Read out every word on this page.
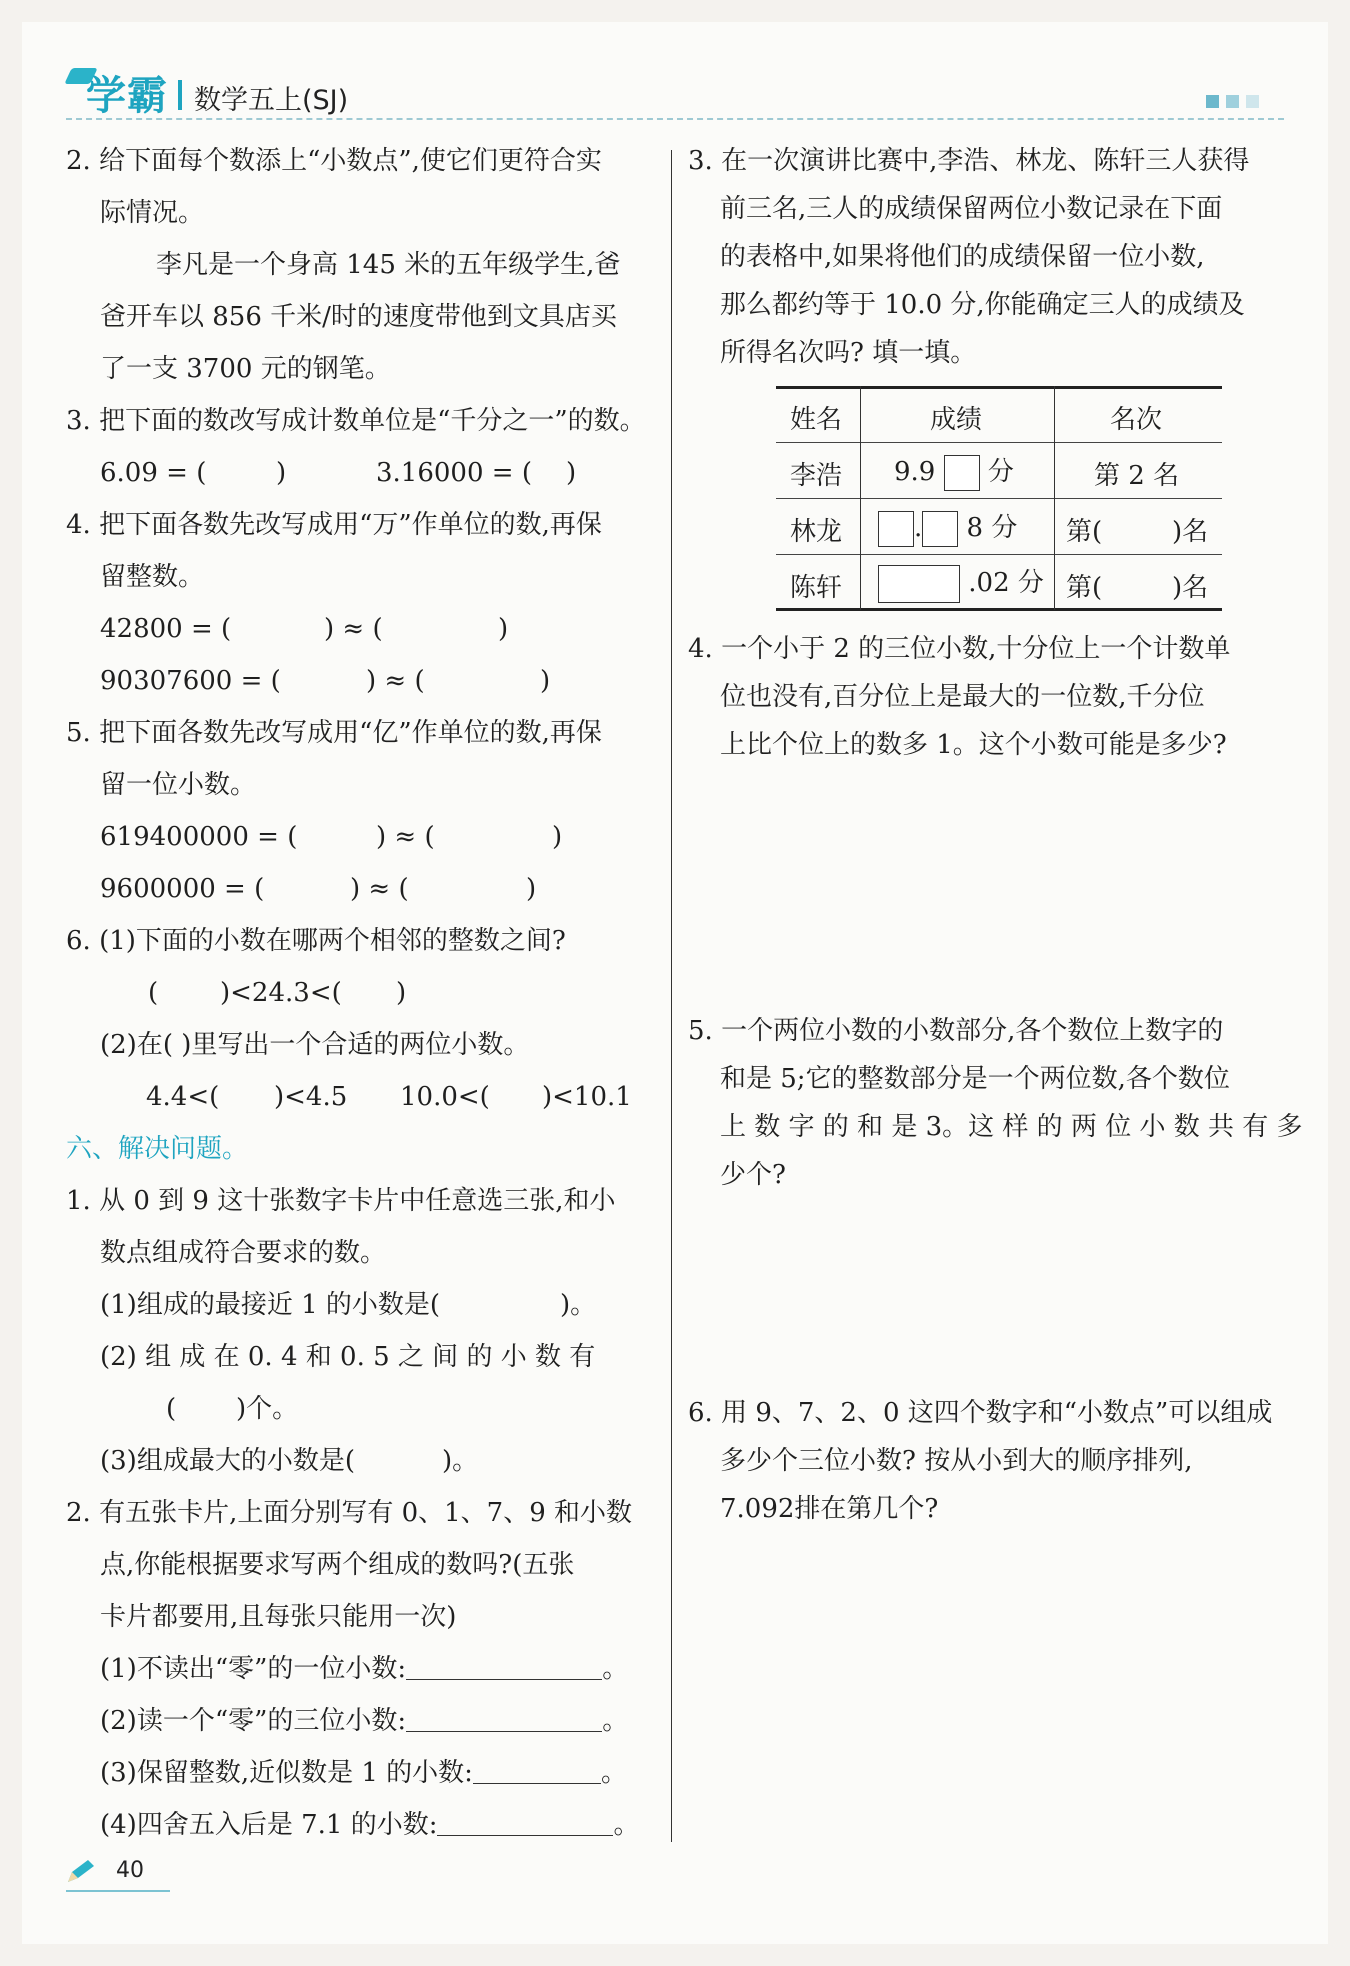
学霸 数学五上(SJ)
2. 给下面每个数添上“小数点”,使它们更符合实
际情况。
李凡是一个身高 145 米的五年级学生,爸
爸开车以 856 千米/时的速度带他到文具店买
了一支 3700 元的钢笔。
3. 把下面的数改写成计数单位是“千分之一”的数。
6.09 = (	)	3.16000 = ( )
4. 把下面各数先改写成用“万”作单位的数,再保
留整数。
42800 = (	) ≈ (	)
90307600 = (	) ≈ (	)
5. 把下面各数先改写成用“亿”作单位的数,再保
留一位小数。
619400000 = (	) ≈ (	)
9600000 = (	) ≈ (	)
6. (1)下面的小数在哪两个相邻的整数之间?
( )<24.3<( )
(2)在( )里写出一个合适的两位小数。
4.4<( )<4.5 10.0<( )<10.1
六、解决问题。
1. 从 0 到 9 这十张数字卡片中任意选三张,和小
数点组成符合要求的数。
(1)组成的最接近 1 的小数是(	)。
(2) 组 成 在 0. 4 和 0. 5 之 间 的 小 数 有
( )个。
(3)组成最大的小数是(	)。
2. 有五张卡片,上面分别写有 0、1、7、9 和小数
点,你能根据要求写两个组成的数吗?(五张
卡片都要用,且每张只能用一次)
(1)不读出“零”的一位小数:	。
(2)读一个“零”的三位小数:	。
(3)保留整数,近似数是 1 的小数:	。
(4)四舍五入后是 7.1 的小数:	。
3. 在一次演讲比赛中,李浩、林龙、陈轩三人获得
前三名,三人的成绩保留两位小数记录在下面
的表格中,如果将他们的成绩保留一位小数,
那么都约等于 10.0 分,你能确定三人的成绩及
所得名次吗? 填一填。
姓名	成绩	名次
李浩 9.9 分	第 2 名
林龙	. 8 分 第(	)名
陈轩	.02 分 第(	)名
4. 一个小于 2 的三位小数,十分位上一个计数单
位也没有,百分位上是最大的一位数,千分位
上比个位上的数多 1。这个小数可能是多少?
5. 一个两位小数的小数部分,各个数位上数字的
和是 5;它的整数部分是一个两位数,各个数位
上 数 字 的 和 是 3。这 样 的 两 位 小 数 共 有 多
少个?
6. 用 9、7、2、0 这四个数字和“小数点”可以组成
多少个三位小数? 按从小到大的顺序排列,
7.092排在第几个?
40
